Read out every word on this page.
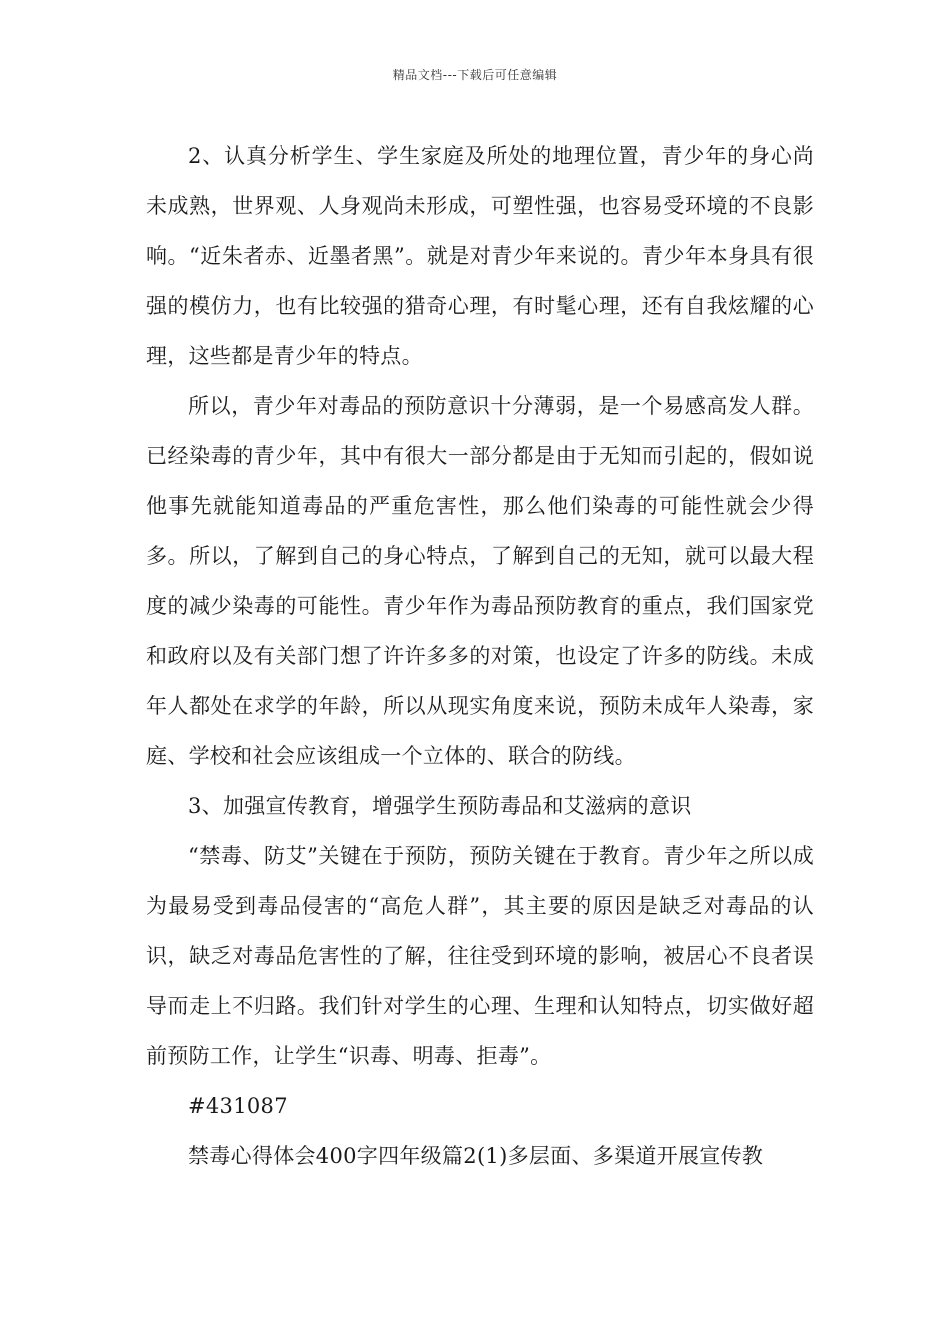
精品文档---下载后可任意编辑

2、认真分析学生、学生家庭及所处的地理位置，青少年的身心尚未成熟，世界观、人身观尚未形成，可塑性强，也容易受环境的不良影响。“近朱者赤、近墨者黑”。就是对青少年来说的。青少年本身具有很强的模仿力，也有比较强的猎奇心理，有时髦心理，还有自我炫耀的心理，这些都是青少年的特点。

所以，青少年对毒品的预防意识十分薄弱，是一个易感高发人群。已经染毒的青少年，其中有很大一部分都是由于无知而引起的，假如说他事先就能知道毒品的严重危害性，那么他们染毒的可能性就会少得多。所以，了解到自己的身心特点，了解到自己的无知，就可以最大程度的减少染毒的可能性。青少年作为毒品预防教育的重点，我们国家党和政府以及有关部门想了许许多多的对策，也设定了许多的防线。未成年人都处在求学的年龄，所以从现实角度来说，预防未成年人染毒，家庭、学校和社会应该组成一个立体的、联合的防线。

3、加强宣传教育，增强学生预防毒品和艾滋病的意识

“禁毒、防艾”关键在于预防，预防关键在于教育。青少年之所以成为最易受到毒品侵害的“高危人群”，其主要的原因是缺乏对毒品的认识，缺乏对毒品危害性的了解，往往受到环境的影响，被居心不良者误导而走上不归路。我们针对学生的心理、生理和认知特点，切实做好超前预防工作，让学生“识毒、明毒、拒毒”。

#431087

禁毒心得体会400字四年级篇2(1)多层面、多渠道开展宣传教
